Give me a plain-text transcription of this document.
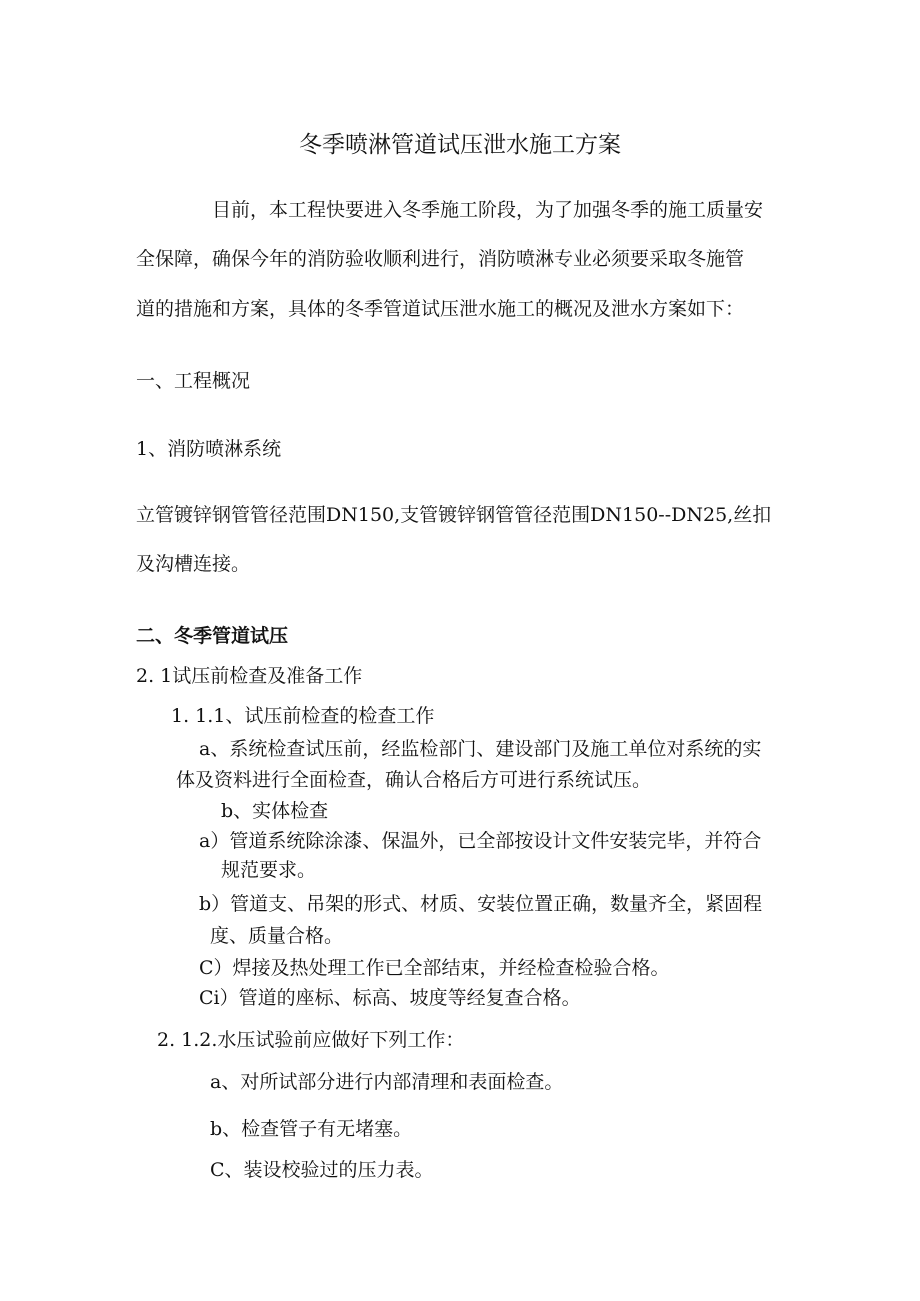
冬季喷淋管道试压泄水施工方案
目前，本工程快要进入冬季施工阶段，为了加强冬季的施工质量安
全保障，确保今年的消防验收顺利进行，消防喷淋专业必须要采取冬施管
道的措施和方案，具体的冬季管道试压泄水施工的概况及泄水方案如下：
一、工程概况
1、消防喷淋系统
立管镀锌钢管管径范围DN150,支管镀锌钢管管径范围DN150--DN25,丝扣
及沟槽连接。
二、冬季管道试压
2. 1试压前检查及准备工作
1. 1.1、试压前检查的检查工作
a、系统检查试压前，经监检部门、建设部门及施工单位对系统的实
体及资料进行全面检查，确认合格后方可进行系统试压。
b、实体检查
a）管道系统除涂漆、保温外，已全部按设计文件安装完毕，并符合
规范要求。
b）管道支、吊架的形式、材质、安装位置正确，数量齐全，紧固程
度、质量合格。
C）焊接及热处理工作已全部结束，并经检查检验合格。
Ci）管道的座标、标高、坡度等经复查合格。
2. 1.2.水压试验前应做好下列工作：
a、对所试部分进行内部清理和表面检查。
b、检查管子有无堵塞。
C、装设校验过的压力表。
